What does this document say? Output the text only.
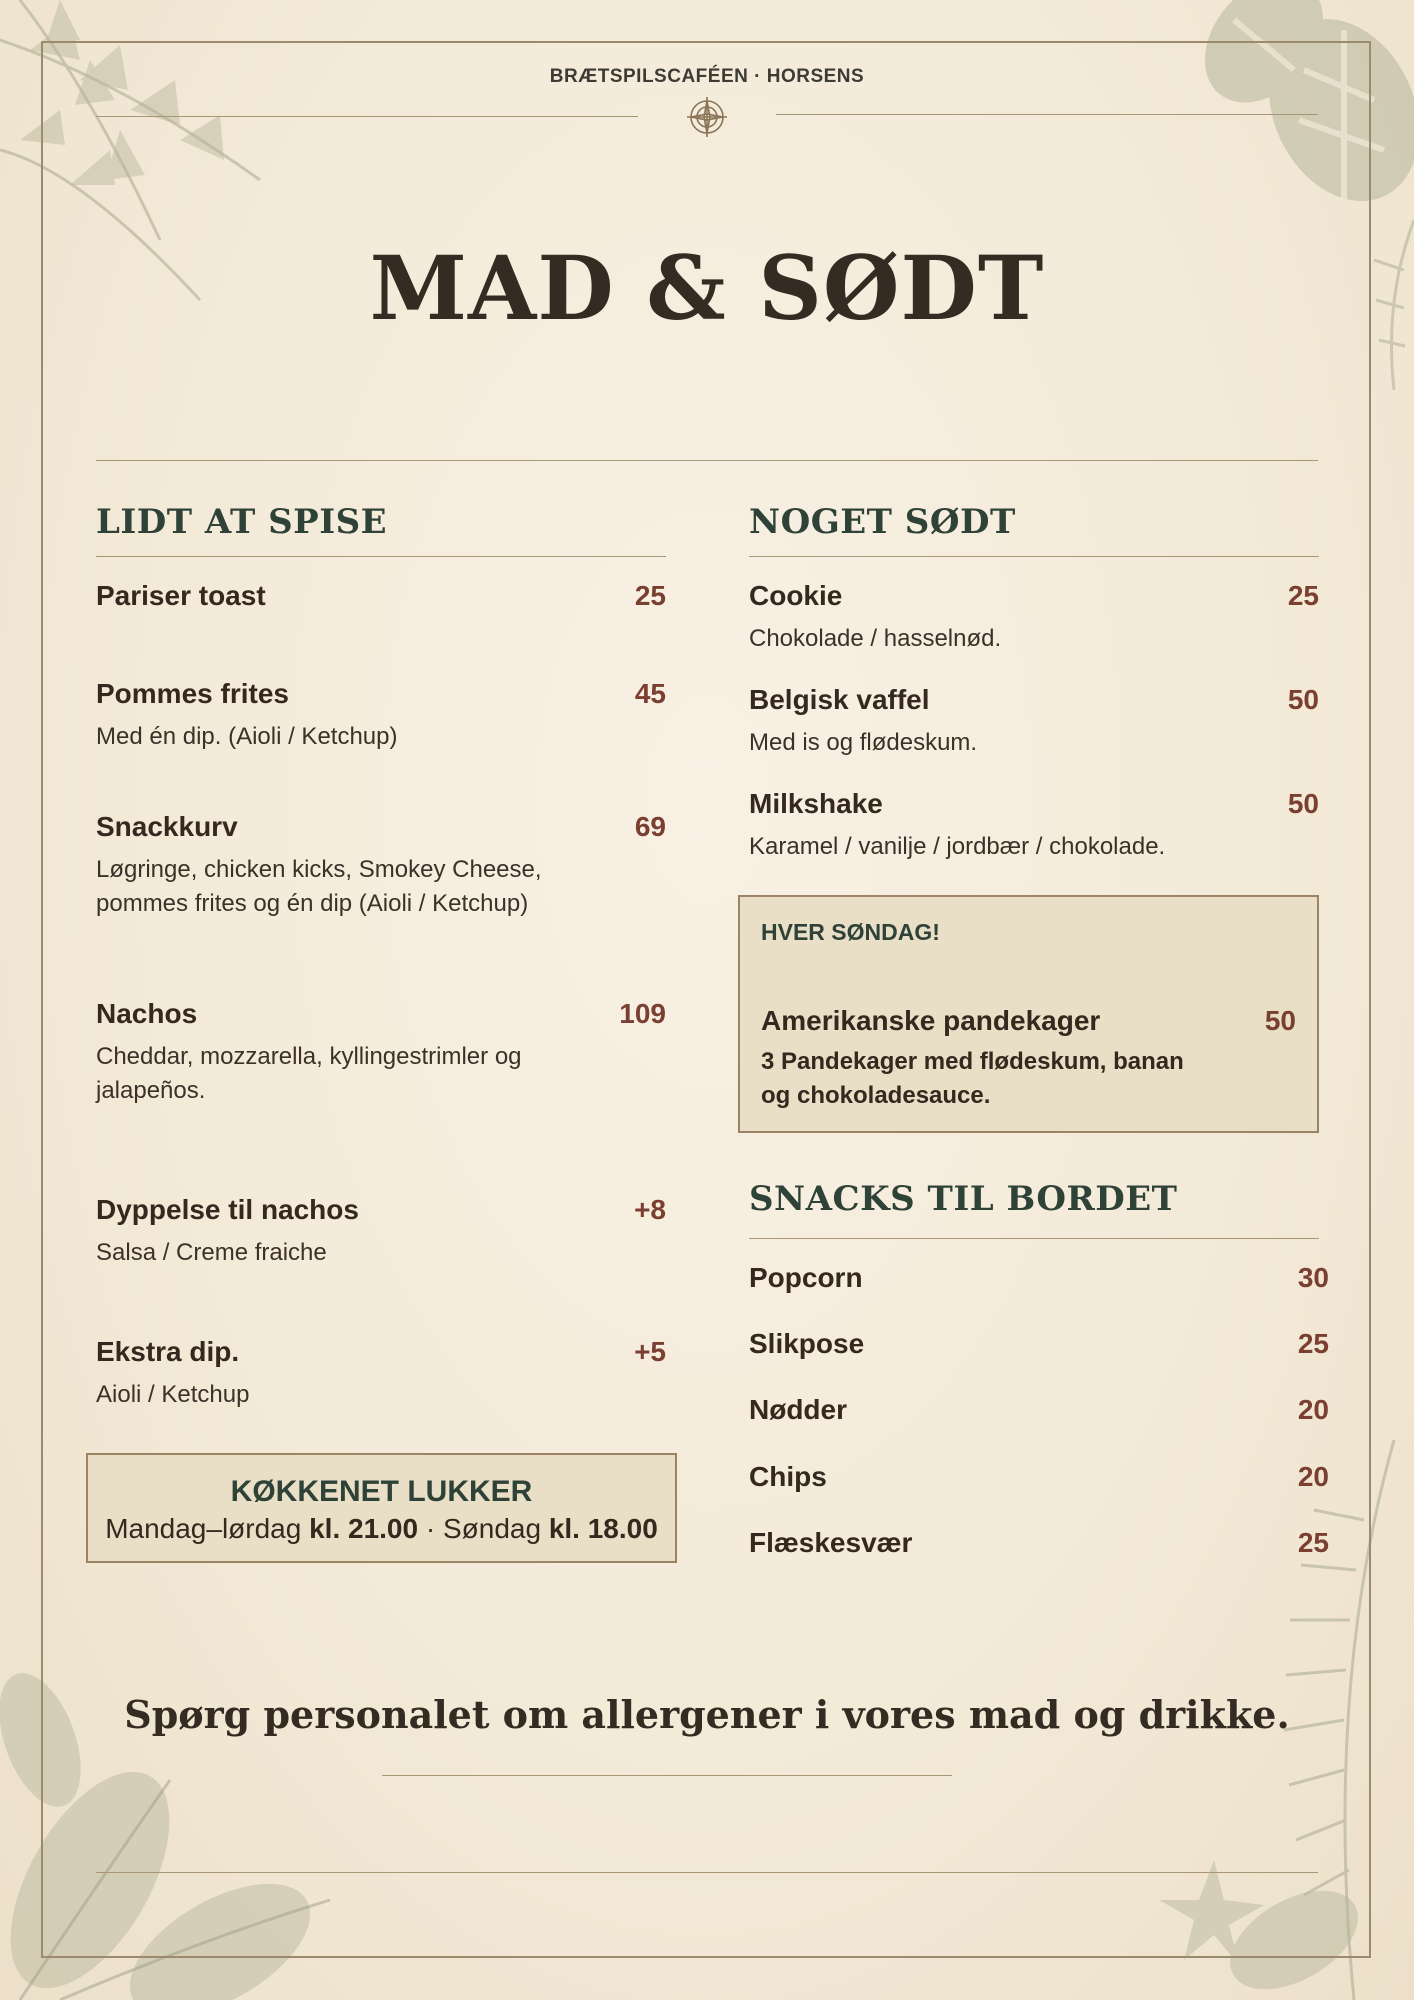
BRÆTSPILSCAFÉEN · HORSENS
MAD & SØDT
LIDT AT SPISE
Pariser toast	25
Pommes frites	45
Med én dip. (Aioli / Ketchup)
Snackkurv	69
Løgringe, chicken kicks, Smokey Cheese, pommes frites og én dip (Aioli / Ketchup)
Nachos	109
Cheddar, mozzarella, kyllingestrimler og jalapeños.
Dyppelse til nachos	+8
Salsa / Creme fraiche
Ekstra dip.	+5
Aioli / Ketchup
KØKKENET LUKKER
Mandag–lørdag kl. 21.00 · Søndag kl. 18.00
NOGET SØDT
Cookie	25
Chokolade / hasselnød.
Belgisk vaffel	50
Med is og flødeskum.
Milkshake	50
Karamel / vanilje / jordbær / chokolade.
HVER SØNDAG!
Amerikanske pandekager	50
3 Pandekager med flødeskum, banan og chokoladesauce.
SNACKS TIL BORDET
Popcorn	30
Slikpose	25
Nødder	20
Chips	20
Flæskesvær	25
Spørg personalet om allergener i vores mad og drikke.
